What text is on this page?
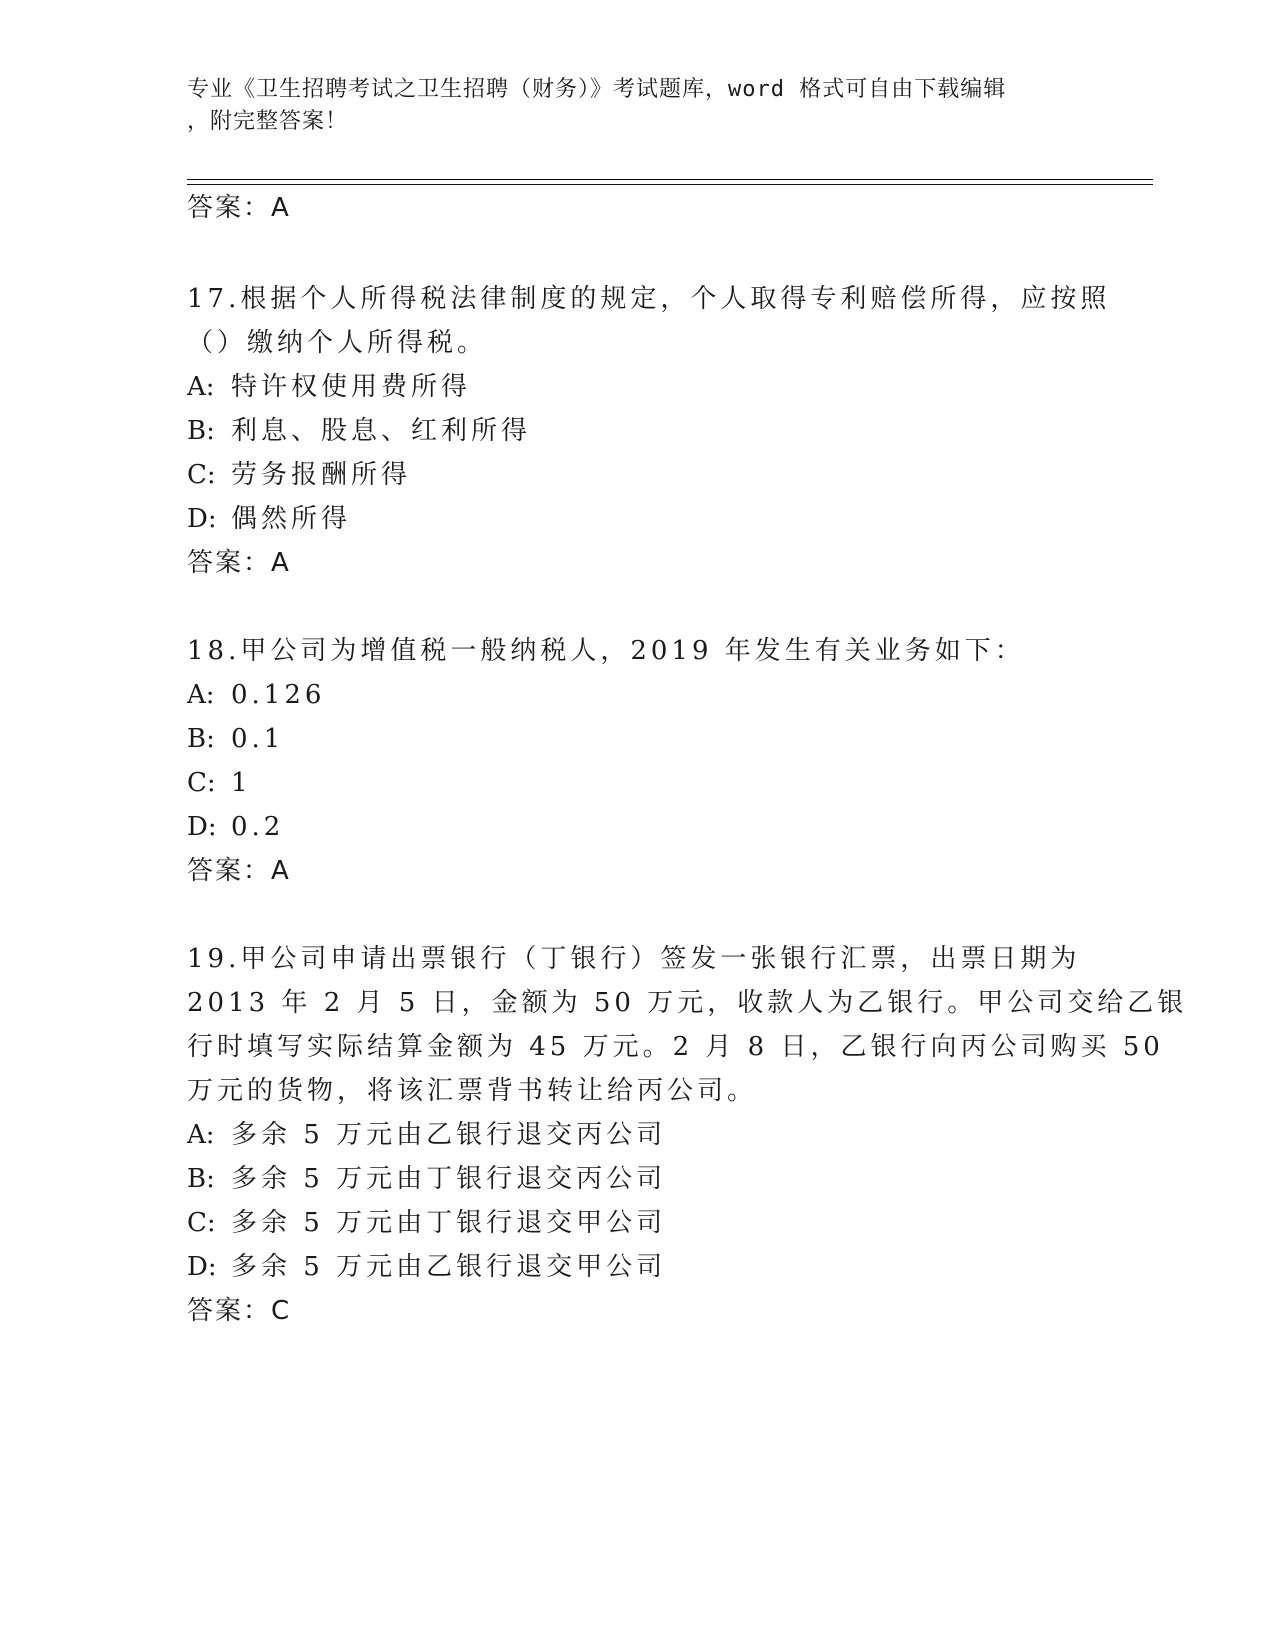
专业《卫生招聘考试之卫生招聘（财务）》考试题库，word 格式可自由下载编辑
，附完整答案！
答案：A
17.根据个人所得税法律制度的规定，个人取得专利赔偿所得，应按照
（）缴纳个人所得税。
A: 特许权使用费所得
B: 利息、股息、红利所得
C: 劳务报酬所得
D: 偶然所得
答案：A
18.甲公司为增值税一般纳税人，2019 年发生有关业务如下：
A: 0.126
B: 0.1
C: 1
D: 0.2
答案：A
19.甲公司申请出票银行（丁银行）签发一张银行汇票，出票日期为
2013 年 2 月 5 日，金额为 50 万元，收款人为乙银行。甲公司交给乙银
行时填写实际结算金额为 45 万元。2 月 8 日，乙银行向丙公司购买 50
万元的货物，将该汇票背书转让给丙公司。
A: 多余 5 万元由乙银行退交丙公司
B: 多余 5 万元由丁银行退交丙公司
C: 多余 5 万元由丁银行退交甲公司
D: 多余 5 万元由乙银行退交甲公司
答案：C
